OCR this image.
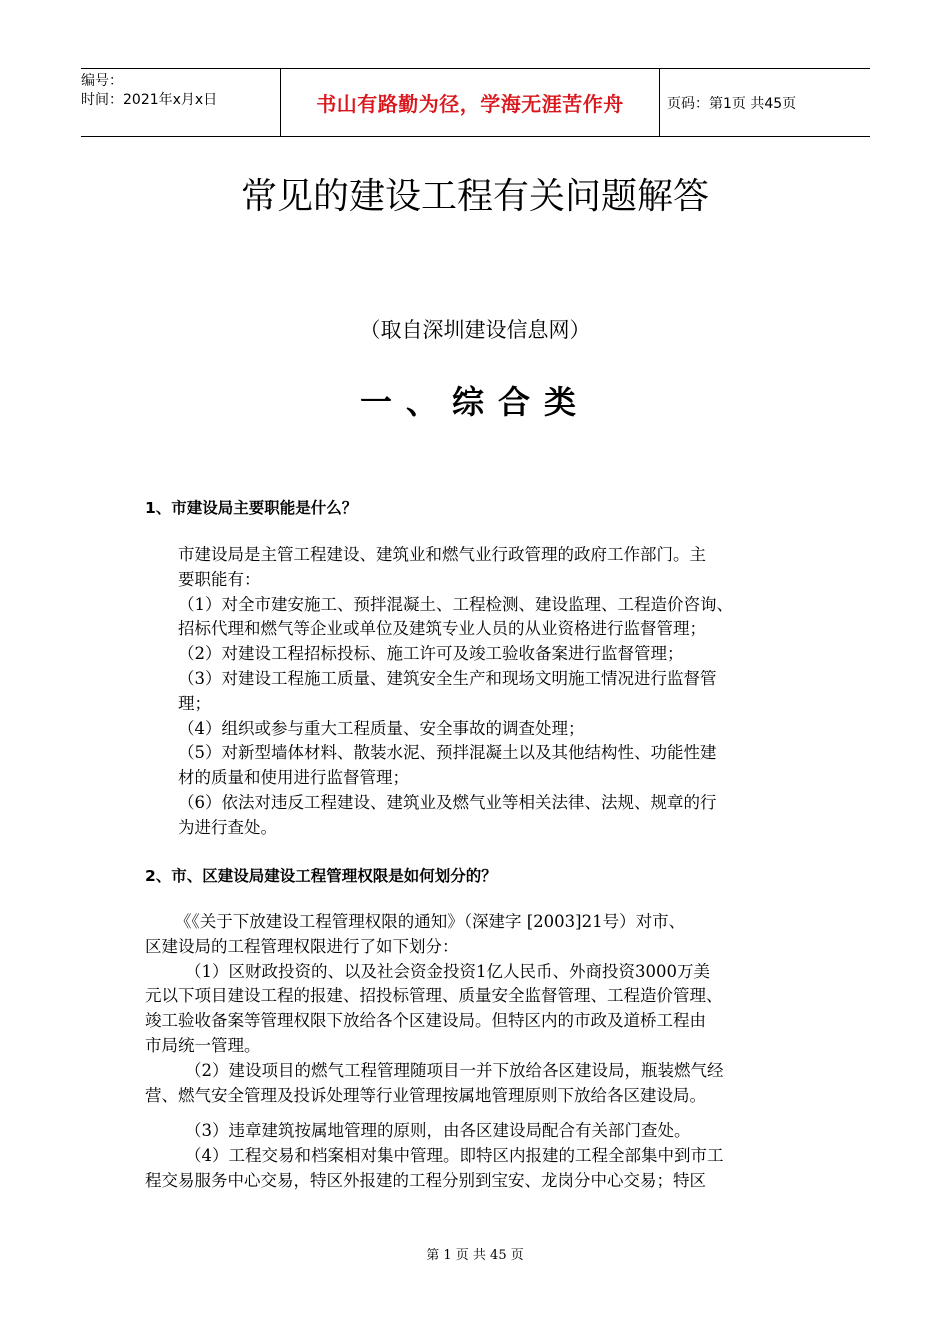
编号：
时间：2021年x月x日	书山有路勤为径，学海无涯苦作舟	页码：第1页 共45页
常见的建设工程有关问题解答
（取自深圳建设信息网）
一、综合类
1、市建设局主要职能是什么？
市建设局是主管工程建设、建筑业和燃气业行政管理的政府工作部门。主
要职能有：
（1）对全市建安施工、预拌混凝土、工程检测、建设监理、工程造价咨询、
招标代理和燃气等企业或单位及建筑专业人员的从业资格进行监督管理；
（2）对建设工程招标投标、施工许可及竣工验收备案进行监督管理；
（3）对建设工程施工质量、建筑安全生产和现场文明施工情况进行监督管
理；
（4）组织或参与重大工程质量、安全事故的调查处理；
（5）对新型墙体材料、散装水泥、预拌混凝土以及其他结构性、功能性建
材的质量和使用进行监督管理；
（6）依法对违反工程建设、建筑业及燃气业等相关法律、法规、规章的行
为进行查处。
2、市、区建设局建设工程管理权限是如何划分的？
《《关于下放建设工程管理权限的通知》（深建字 [2003]21号）对市、
区建设局的工程管理权限进行了如下划分：
（1）区财政投资的、以及社会资金投资1亿人民币、外商投资3000万美
元以下项目建设工程的报建、招投标管理、质量安全监督管理、工程造价管理、
竣工验收备案等管理权限下放给各个区建设局。但特区内的市政及道桥工程由
市局统一管理。
（2）建设项目的燃气工程管理随项目一并下放给各区建设局，瓶装燃气经
营、燃气安全管理及投诉处理等行业管理按属地管理原则下放给各区建设局。
（3）违章建筑按属地管理的原则，由各区建设局配合有关部门查处。
（4）工程交易和档案相对集中管理。即特区内报建的工程全部集中到市工
程交易服务中心交易，特区外报建的工程分别到宝安、龙岗分中心交易；特区
第 1 页 共 45 页
